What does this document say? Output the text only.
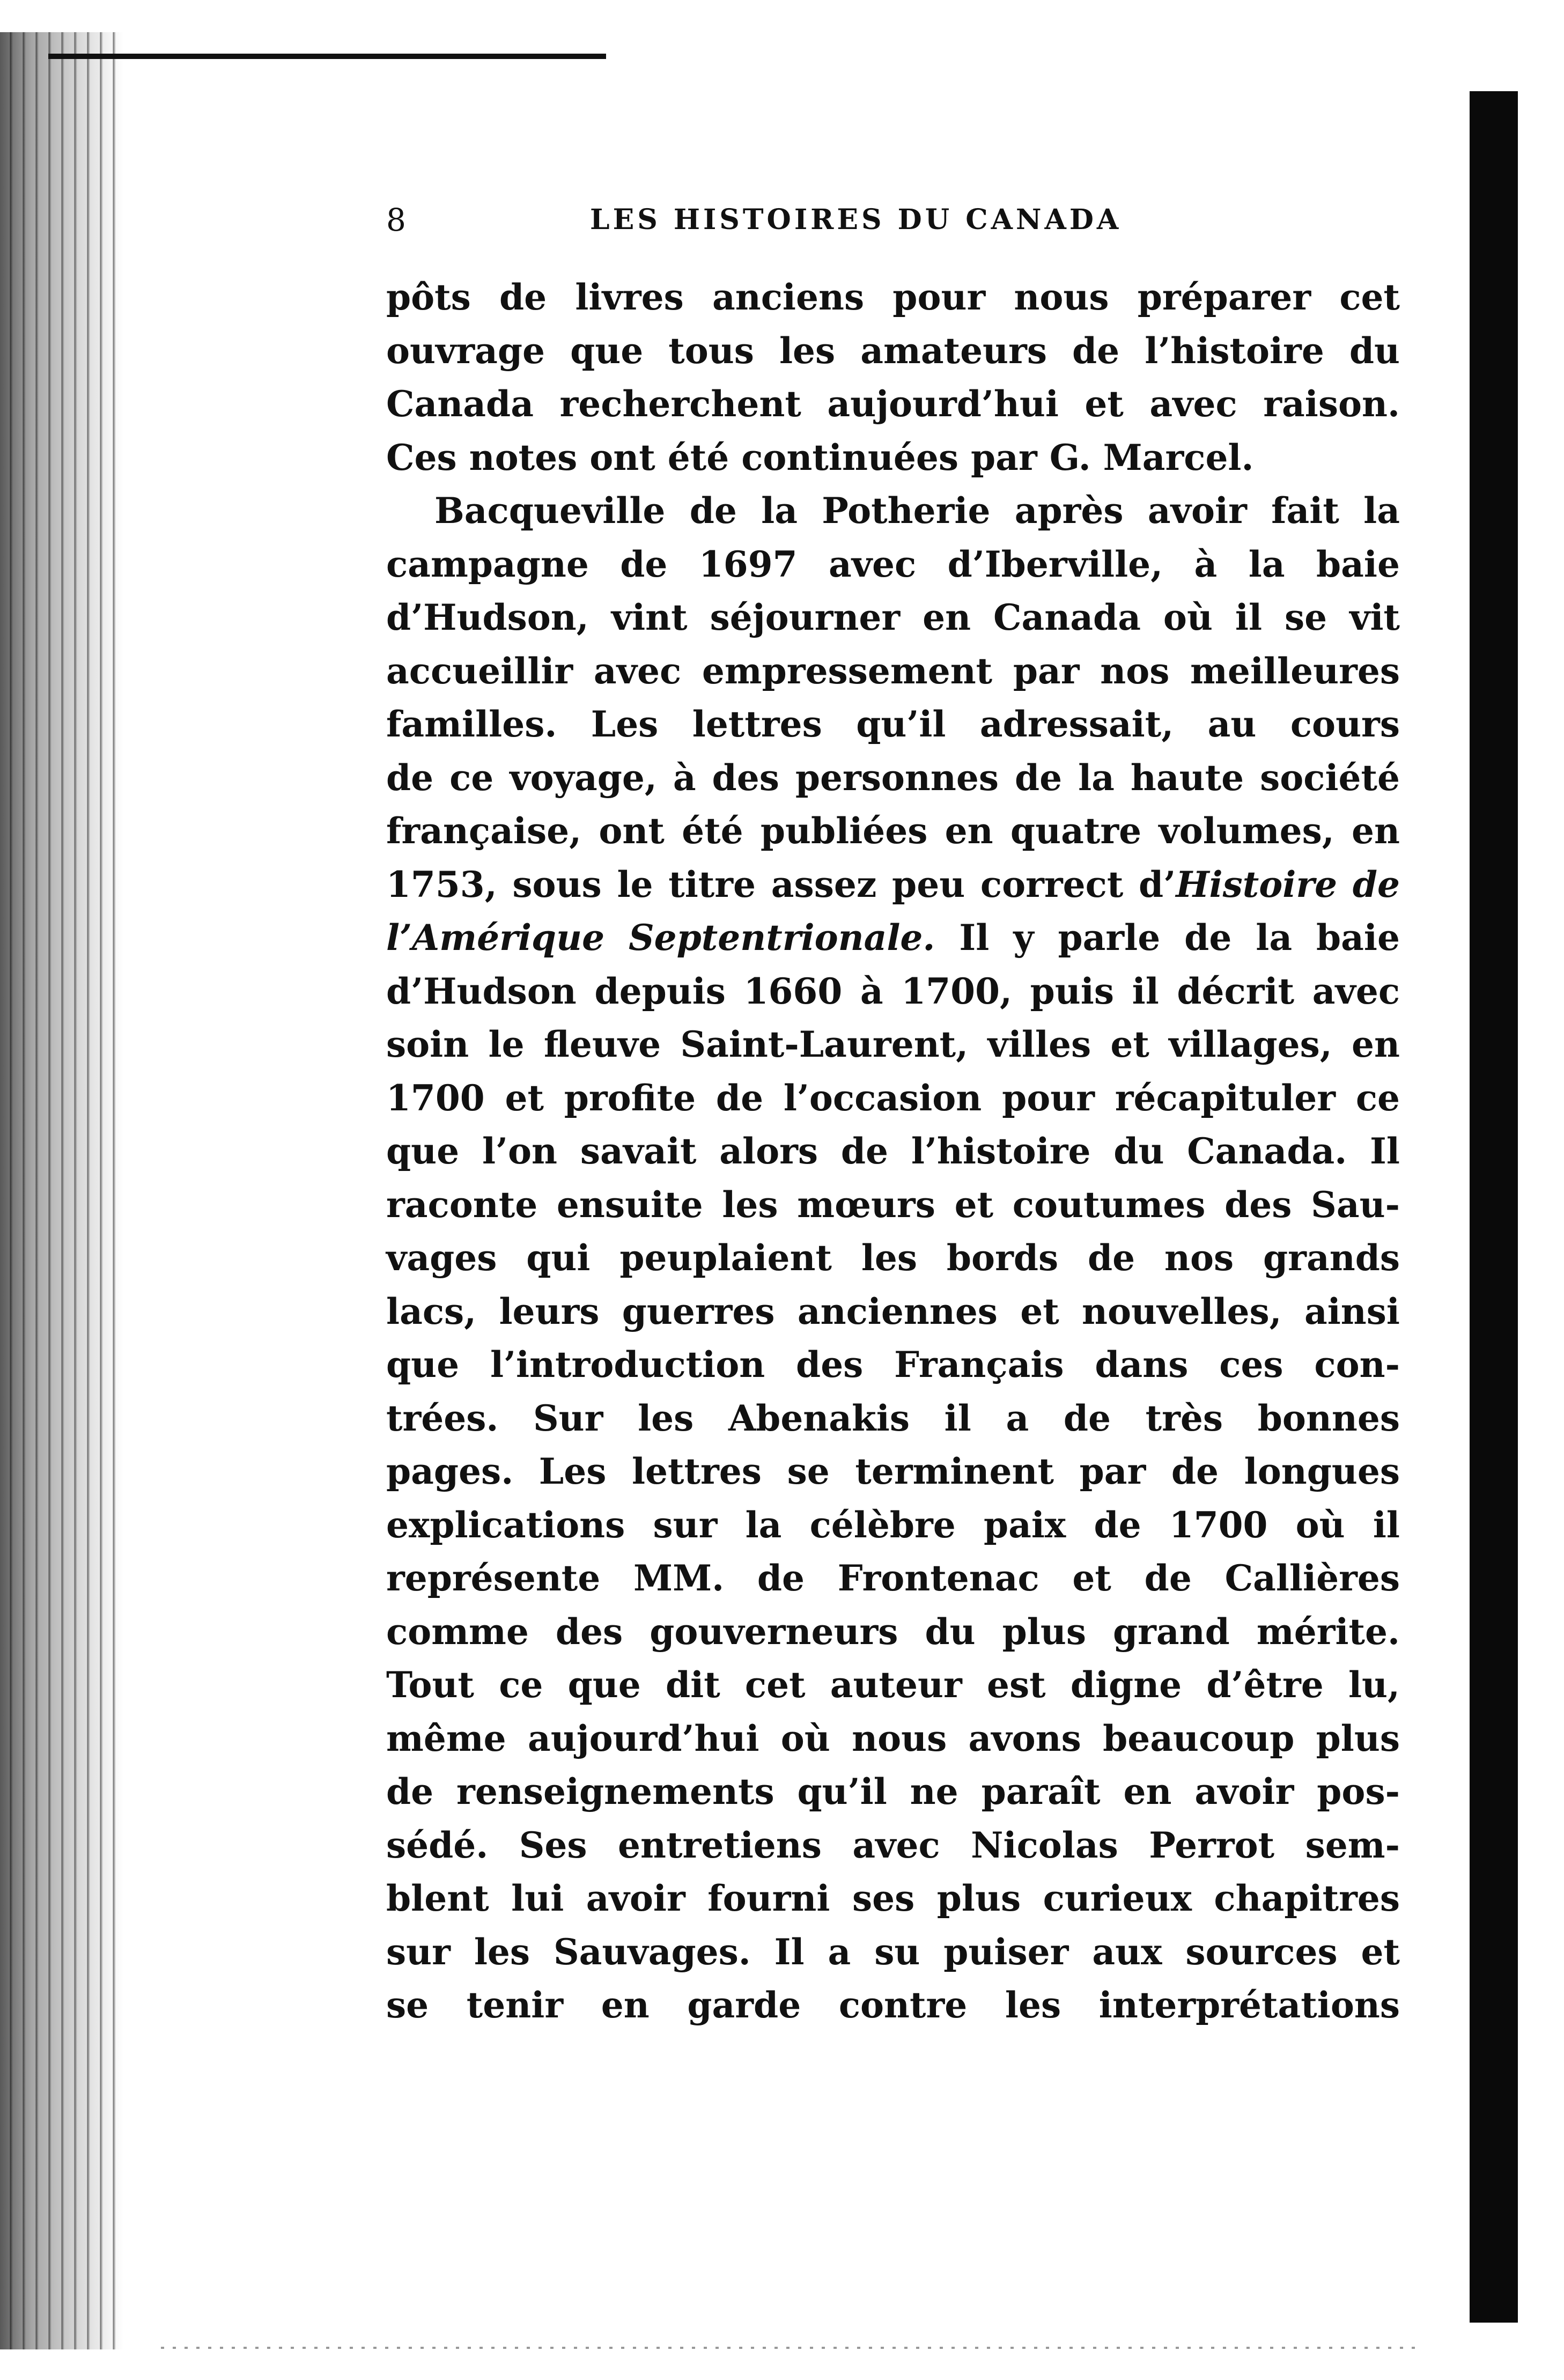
8	LES HISTOIRES DU CANADA
pôts de livres anciens pour nous préparer cet
ouvrage que tous les amateurs de l’histoire du
Canada recherchent aujourd’hui et avec raison.
Ces notes ont été continuées par G. Marcel.
Bacqueville de la Potherie après avoir fait la
campagne de 1697 avec d’Iberville, à la baie
d’Hudson, vint séjourner en Canada où il se vit
accueillir avec empressement par nos meilleures
familles. Les lettres qu’il adressait, au cours
de ce voyage, à des personnes de la haute société
française, ont été publiées en quatre volumes, en
1753, sous le titre assez peu correct d’Histoire de
l’Amérique Septentrionale. Il y parle de la baie
d’Hudson depuis 1660 à 1700, puis il décrit avec
soin le fleuve Saint-Laurent, villes et villages, en
1700 et profite de l’occasion pour récapituler ce
que l’on savait alors de l’histoire du Canada. Il
raconte ensuite les mœurs et coutumes des Sau-
vages qui peuplaient les bords de nos grands
lacs, leurs guerres anciennes et nouvelles, ainsi
que l’introduction des Français dans ces con-
trées. Sur les Abenakis il a de très bonnes
pages. Les lettres se terminent par de longues
explications sur la célèbre paix de 1700 où il
représente MM. de Frontenac et de Callières
comme des gouverneurs du plus grand mérite.
Tout ce que dit cet auteur est digne d’être lu,
même aujourd’hui où nous avons beaucoup plus
de renseignements qu’il ne paraît en avoir pos-
sédé. Ses entretiens avec Nicolas Perrot sem-
blent lui avoir fourni ses plus curieux chapitres
sur les Sauvages. Il a su puiser aux sources et
se tenir en garde contre les interprétations
